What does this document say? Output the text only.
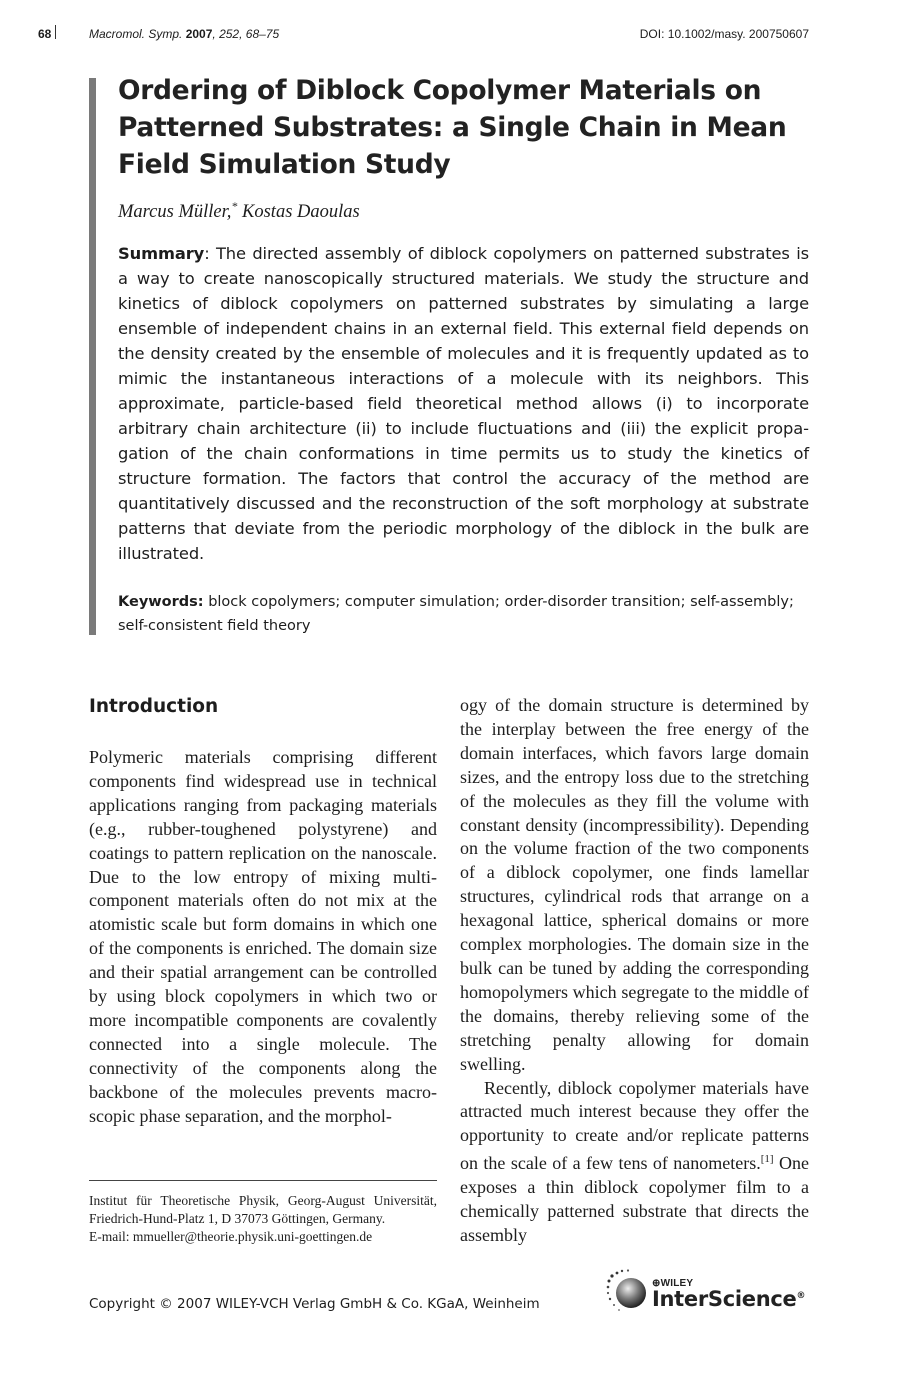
68	Macromol. Symp. 2007, 252, 68–75	DOI: 10.1002/masy. 200750607
Ordering of Diblock Copolymer Materials on Patterned Substrates: a Single Chain in Mean Field Simulation Study
Marcus Müller,* Kostas Daoulas

Summary: The directed assembly of diblock copolymers on patterned substrates is a way to create nanoscopically structured materials. We study the structure and kinetics of diblock copolymers on patterned substrates by simulating a large ensemble of independent chains in an external field. This external field depends on the density created by the ensemble of molecules and it is frequently updated as to mimic the instantaneous interactions of a molecule with its neighbors. This approximate, particle-based field theoretical method allows (i) to incorporate arbitrary chain architecture (ii) to include fluctuations and (iii) the explicit propagation of the chain conformations in time permits us to study the kinetics of structure formation. The factors that control the accuracy of the method are quantitatively discussed and the reconstruction of the soft morphology at substrate patterns that deviate from the periodic morphology of the diblock in the bulk are illustrated.

Keywords: block copolymers; computer simulation; order-disorder transition; self-assembly; self-consistent field theory

Introduction

Polymeric materials comprising different components find widespread use in technical applications ranging from packaging materials (e.g., rubber-toughened polystyrene) and coatings to pattern replication on the nanoscale. Due to the low entropy of mixing multi-component materials often do not mix at the atomistic scale but form domains in which one of the components is enriched. The domain size and their spatial arrangement can be controlled by using block copolymers in which two or more incompatible components are covalently connected into a single molecule. The connectivity of the components along the backbone of the molecules prevents macroscopic phase separation, and the morphol-

ogy of the domain structure is determined by the interplay between the free energy of the domain interfaces, which favors large domain sizes, and the entropy loss due to the stretching of the molecules as they fill the volume with constant density (incompressibility). Depending on the volume fraction of the two components of a diblock copolymer, one finds lamellar structures, cylindrical rods that arrange on a hexagonal lattice, spherical domains or more complex morphologies. The domain size in the bulk can be tuned by adding the corresponding homopolymers which segregate to the middle of the domains, thereby relieving some of the stretching penalty allowing for domain swelling.

Recently, diblock copolymer materials have attracted much interest because they offer the opportunity to create and/or replicate patterns on the scale of a few tens of nanometers.[1] One exposes a thin diblock copolymer film to a chemically patterned substrate that directs the assembly

Institut für Theoretische Physik, Georg-August Universität, Friedrich-Hund-Platz 1, D 37073 Göttingen, Germany.
E-mail: mmueller@theorie.physik.uni-goettingen.de

Copyright © 2007 WILEY-VCH Verlag GmbH & Co. KGaA, Weinheim
⊕WILEY
InterScience®
